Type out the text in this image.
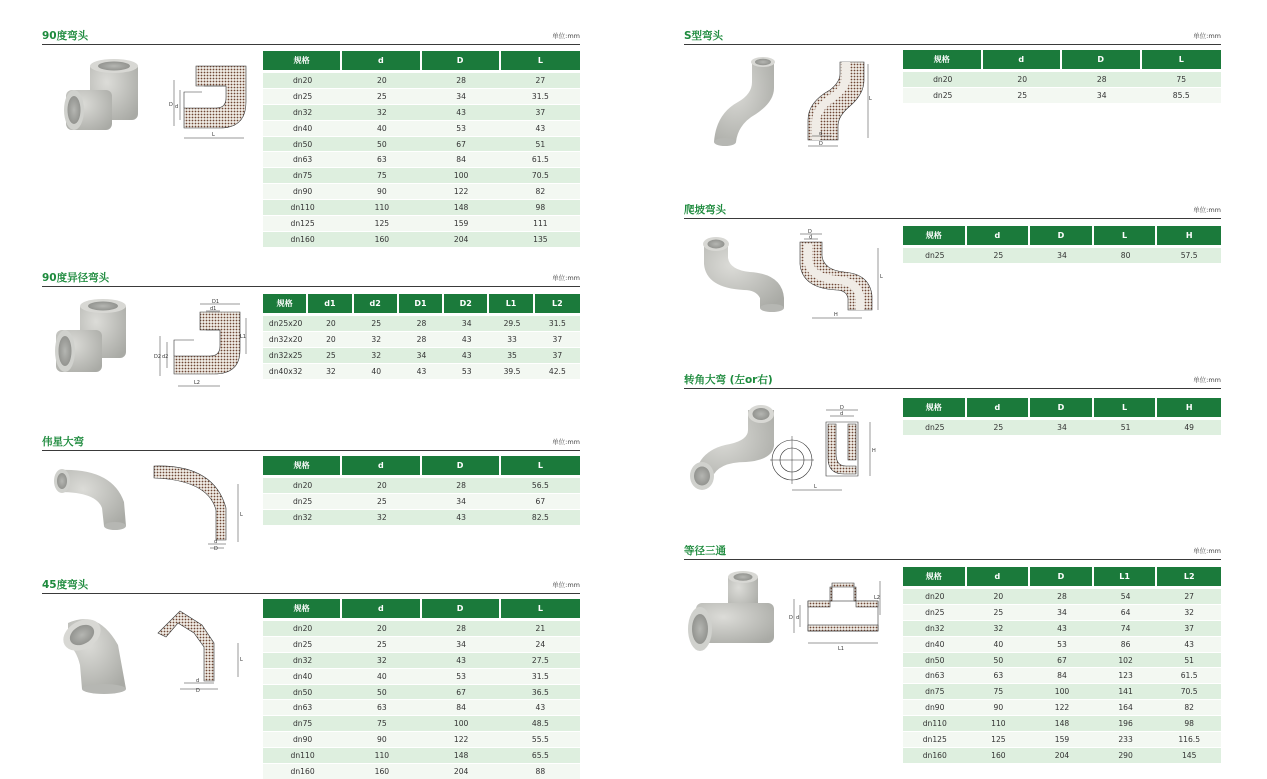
90度弯头	单位:mm
D d
L
规格	d	D	L
dn20	20	28	27
dn25	25	34	31.5
dn32	32	43	37
dn40	40	53	43
dn50	50	67	51
dn63	63	84	61.5
dn75	75	100	70.5
dn90	90	122	82
dn110	110	148	98
dn125	125	159	111
dn160	160	204	135
90度异径弯头	单位:mm
D1
d1
D2 d2
L1
L2
规格	d1	d2	D1	D2	L1	L2
dn25x20	20	25	28	34	29.5	31.5
dn32x20	20	32	28	43	33	37
dn32x25	25	32	34	43	35	37
dn40x32	32	40	43	53	39.5	42.5
伟星大弯	单位:mm
L
d
D
规格	d	D	L
dn20	20	28	56.5
dn25	25	34	67
dn32	32	43	82.5
45度弯头	单位:mm
L
d
D
规格	d	D	L
dn20	20	28	21
dn25	25	34	24
dn32	32	43	27.5
dn40	40	53	31.5
dn50	50	67	36.5
dn63	63	84	43
dn75	75	100	48.5
dn90	90	122	55.5
dn110	110	148	65.5
dn160	160	204	88
S型弯头	单位:mm
L
d
D
规格	d	D	L
dn20	20	28	75
dn25	25	34	85.5
爬坡弯头	单位:mm
D
d
L
H
规格	d	D	L	H
dn25	25	34	80	57.5
转角大弯 (左or右)	单位:mm
D
d
H
L
规格	d	D	L	H
dn25	25	34	51	49
等径三通	单位:mm
D d
L1
L2
规格	d	D	L1	L2
dn20	20	28	54	27
dn25	25	34	64	32
dn32	32	43	74	37
dn40	40	53	86	43
dn50	50	67	102	51
dn63	63	84	123	61.5
dn75	75	100	141	70.5
dn90	90	122	164	82
dn110	110	148	196	98
dn125	125	159	233	116.5
dn160	160	204	290	145
